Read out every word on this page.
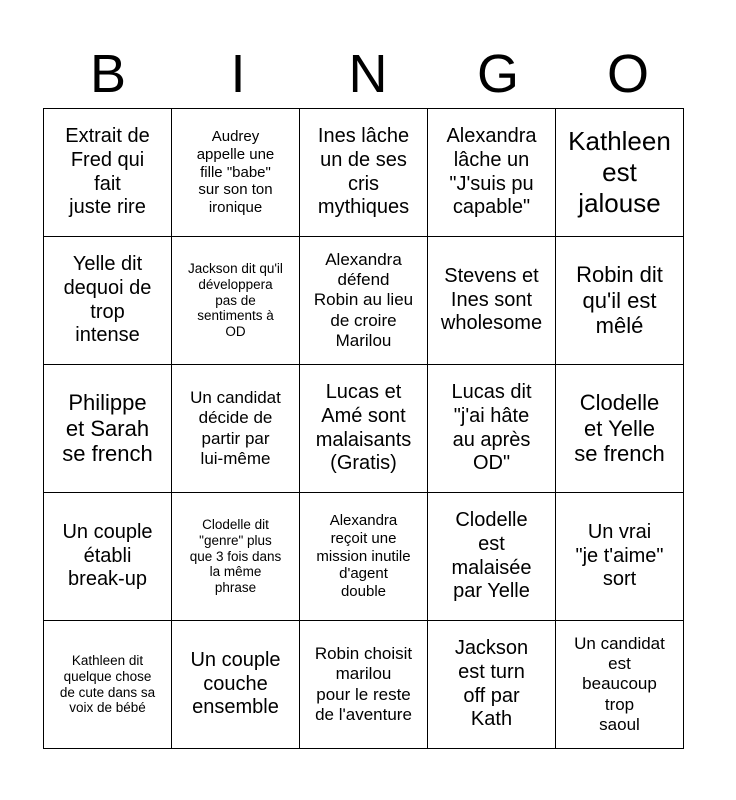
B	I	N	G	O
Extrait de
Fred qui
fait
juste rire	Audrey
appelle une
fille "babe"
sur son ton
ironique	Ines lâche
un de ses
cris
mythiques	Alexandra
lâche un
"J'suis pu
capable"	Kathleen
est
jalouse

Yelle dit
dequoi de
trop
intense	Jackson dit qu'il
développera
pas de
sentiments à
OD	Alexandra
défend
Robin au lieu
de croire
Marilou	Stevens et
Ines sont
wholesome	Robin dit
qu'il est
mêlé

Philippe
et Sarah
se french	Un candidat
décide de
partir par
lui-même	Lucas et
Amé sont
malaisants
(Gratis)	Lucas dit
"j'ai hâte
au après
OD"	Clodelle
et Yelle
se french

Un couple
établi
break-up	Clodelle dit
"genre" plus
que 3 fois dans
la même
phrase	Alexandra
reçoit une
mission inutile
d'agent
double	Clodelle
est
malaisée
par Yelle	Un vrai
"je t'aime"
sort

Kathleen dit
quelque chose
de cute dans sa
voix de bébé	Un couple
couche
ensemble	Robin choisit
marilou
pour le reste
de l'aventure	Jackson
est turn
off par
Kath	Un candidat
est
beaucoup
trop
saoul
